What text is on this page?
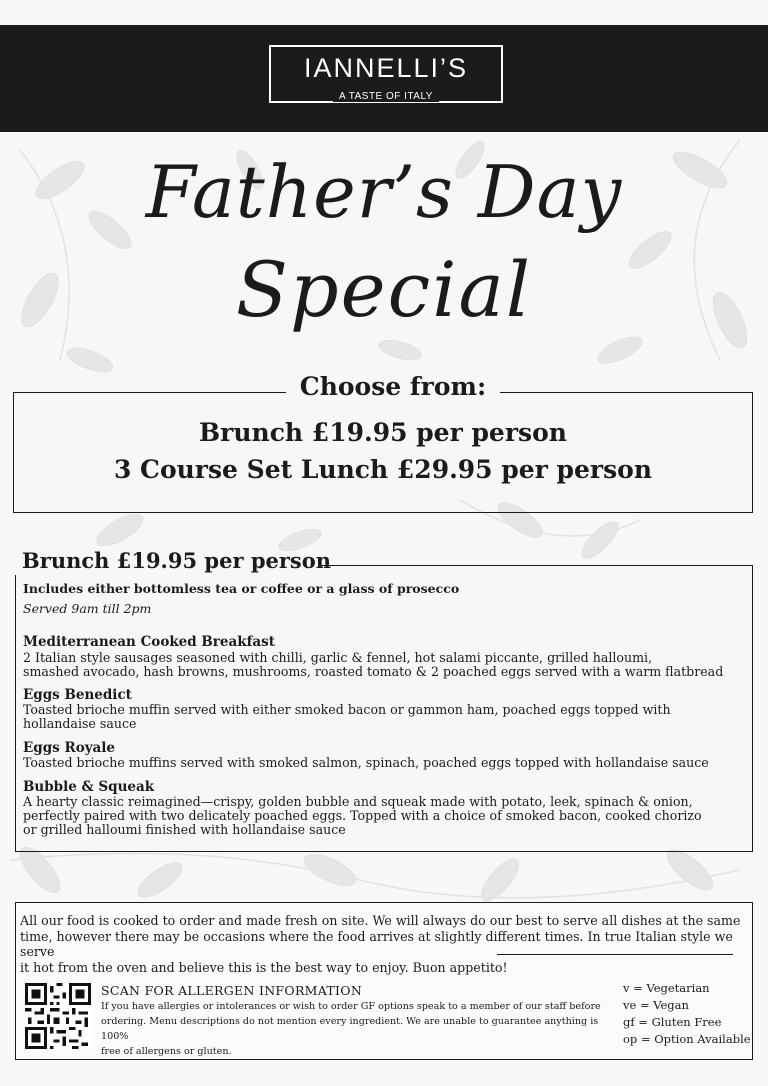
IANNELLI’S
A TASTE OF ITALY
Father’s Day
Special
Choose from:
Brunch £19.95 per person
3 Course Set Lunch £29.95 per person
Brunch £19.95 per person
Includes either bottomless tea or coffee or a glass of prosecco
Served 9am till 2pm
Mediterranean Cooked Breakfast
2 Italian style sausages seasoned with chilli, garlic & fennel, hot salami piccante, grilled halloumi,
smashed avocado, hash browns, mushrooms, roasted tomato & 2 poached eggs served with a warm flatbread
Eggs Benedict
Toasted brioche muffin served with either smoked bacon or gammon ham, poached eggs topped with
hollandaise sauce
Eggs Royale
Toasted brioche muffins served with smoked salmon, spinach, poached eggs topped with hollandaise sauce
Bubble & Squeak
A hearty classic reimagined—crispy, golden bubble and squeak made with potato, leek, spinach & onion,
perfectly paired with two delicately poached eggs. Topped with a choice of smoked bacon, cooked chorizo
or grilled halloumi finished with hollandaise sauce
All our food is cooked to order and made fresh on site. We will always do our best to serve all dishes at the same
time, however there may be occasions where the food arrives at slightly different times. In true Italian style we serve
it hot from the oven and believe this is the best way to enjoy. Buon appetito!
SCAN FOR ALLERGEN INFORMATION
If you have allergies or intolerances or wish to order GF options speak to a member of our staff before
ordering. Menu descriptions do not mention every ingredient. We are unable to guarantee anything is 100%
free of allergens or gluten.
v = Vegetarian
ve = Vegan
gf = Gluten Free
op = Option Available
